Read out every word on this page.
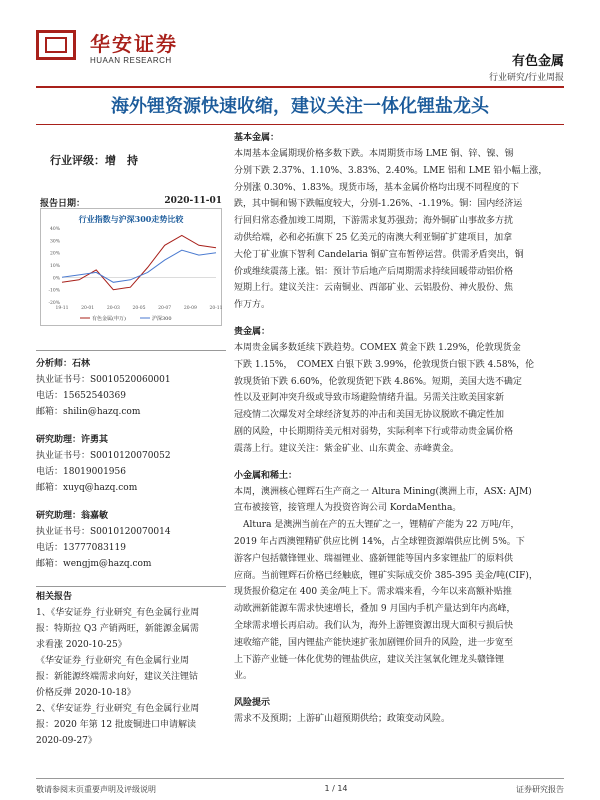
华安证券
HUAAN RESEARCH	有色金属
行业研究/行业周报
海外锂资源快速收缩，建议关注一体化锂盐龙头
行业评级：增　持
报告日期：	2020-11-01
行业指数与沪深300走势比较
40%
30%
20%
10%
0%
-10%
-20%
19-11	20-01	20-03	20-05	20-07	20-09	20-11
有色金属(申万)	沪深300
分析师：石林
执业证书号：S0010520060001
电话：15652540369
邮箱：shilin@hazq.com
研究助理：许勇其
执业证书号：S0010120070052
电话：18019001956
邮箱：xuyq@hazq.com
研究助理：翁嘉敏
执业证书号：S0010120070014
电话：13777083119
邮箱：wengjm@hazq.com
相关报告
1、《华安证券_行业研究_有色金属行业周
报：特斯拉 Q3 产销两旺，新能源金属需
求看涨 2020-10-25》
《华安证券_行业研究_有色金属行业周
报：新能源终端需求向好，建议关注锂钴
价格反弹 2020-10-18》
2、《华安证券_行业研究_有色金属行业周
报：2020 年第 12 批废铜进口申请解读
2020-09-27》
基本金属：
本周基本金属期现价格多数下跌。本周期货市场 LME 铜、锌、镍、锡
分别下跌 2.37%、1.10%、3.83%、2.40%。LME 铝和 LME 铅小幅上涨，
分别涨 0.30%、1.83%。现货市场，基本金属价格均出现不同程度的下
跌，其中铜和锡下跌幅度较大，分别-1.26%、-1.19%。铜：国内经济运
行回归常态叠加竣工周期，下游需求复苏强劲；海外铜矿山事故多方扰
动供给端，必和必拓旗下 25 亿美元的南澳大利亚铜矿扩建项目，加拿
大伦丁矿业旗下智利 Candelaria 铜矿宣布暂停运营。供需矛盾突出，铜
价或维续震荡上涨。铝：预计节后地产后周期需求持续回暖带动铝价格
短期上行。建议关注：云南铜业、西部矿业、云铝股份、神火股份、焦
作万方。
贵金属：
本周贵金属多数延续下跌趋势。COMEX 黄金下跌 1.29%，伦敦现货金
下跌 1.15%，　COMEX 白银下跌 3.99%，伦敦现货白银下跌 4.58%，伦
敦现货铂下跌 6.60%，伦敦现货钯下跌 4.86%。短期，美国大选不确定
性以及亚阿冲突升级或导致市场避险情绪升温。另需关注欧美国家新
冠疫情二次爆发对全球经济复苏的冲击和美国无协议脱欧不确定性加
剧的风险，中长期期待美元相对弱势，实际利率下行或带动贵金属价格
震荡上行。建议关注：紫金矿业、山东黄金、赤峰黄金。
小金属和稀土：
本周，澳洲核心锂辉石生产商之一 Altura Mining(澳洲上市，ASX: AJM)
宣布被接管，接管理人为投资咨询公司 KordaMentha。
　Altura 是澳洲当前在产的五大锂矿之一，锂精矿产能为 22 万吨/年，
2019 年占西澳锂精矿供应比例 14%，占全球锂资源端供应比例 5%。下
游客户包括赣锋锂业、瑞福锂业、盛新锂能等国内多家锂盐厂的原料供
应商。当前锂辉石价格已经触底，锂矿实际成交价 385-395 美金/吨(CIF)，
现货报价稳定在 400 美金/吨上下。需求端来看，今年以来高额补贴推
动欧洲新能源车需求快速增长，叠加 9 月国内手机产量达到年内高峰，
全球需求增长再启动。我们认为，海外上游锂资源出现大面积亏损后快
速收缩产能，国内锂盐产能快速扩张加剧锂价回升的风险，进一步宽至
上下游产业链一体化优势的锂盐供应，建议关注氢氧化锂龙头赣锋锂
业。
风险提示
需求不及预期；上游矿山超预期供给；政策变动风险。
敬请参阅末页重要声明及评级说明	1 / 14	证券研究报告
